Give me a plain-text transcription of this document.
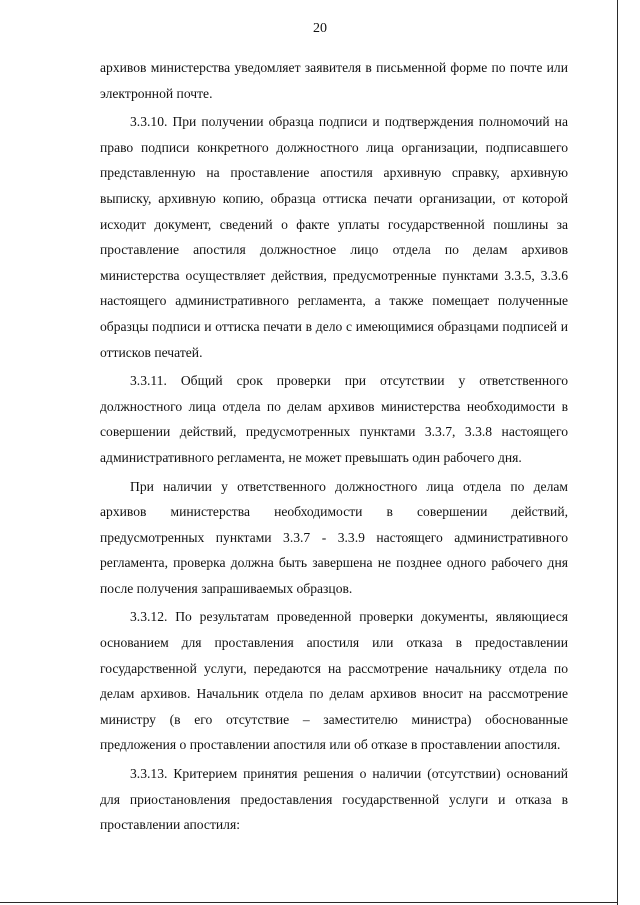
20

архивов министерства уведомляет заявителя в письменной форме по почте или электронной почте.

3.3.10. При получении образца подписи и подтверждения полномочий на право подписи конкретного должностного лица организации, подписавшего представленную на проставление апостиля архивную справку, архивную выписку, архивную копию, образца оттиска печати организации, от которой исходит документ, сведений о факте уплаты государственной пошлины за проставление апостиля должностное лицо отдела по делам архивов министерства осуществляет действия, предусмотренные пунктами 3.3.5, 3.3.6 настоящего административного регламента, а также помещает полученные образцы подписи и оттиска печати в дело с имеющимися образцами подписей и оттисков печатей.

3.3.11. Общий срок проверки при отсутствии у ответственного должностного лица отдела по делам архивов министерства необходимости в совершении действий, предусмотренных пунктами 3.3.7, 3.3.8 настоящего административного регламента, не может превышать один рабочего дня.

При наличии у ответственного должностного лица отдела по делам архивов министерства необходимости в совершении действий, предусмотренных пунктами 3.3.7 - 3.3.9 настоящего административного регламента, проверка должна быть завершена не позднее одного рабочего дня после получения запрашиваемых образцов.

3.3.12. По результатам проведенной проверки документы, являющиеся основанием для проставления апостиля или отказа в предоставлении государственной услуги, передаются на рассмотрение начальнику отдела по делам архивов. Начальник отдела по делам архивов вносит на рассмотрение министру (в его отсутствие – заместителю министра) обоснованные предложения о проставлении апостиля или об отказе в проставлении апостиля.

3.3.13. Критерием принятия решения о наличии (отсутствии) оснований для приостановления предоставления государственной услуги и отказа в проставлении апостиля:
